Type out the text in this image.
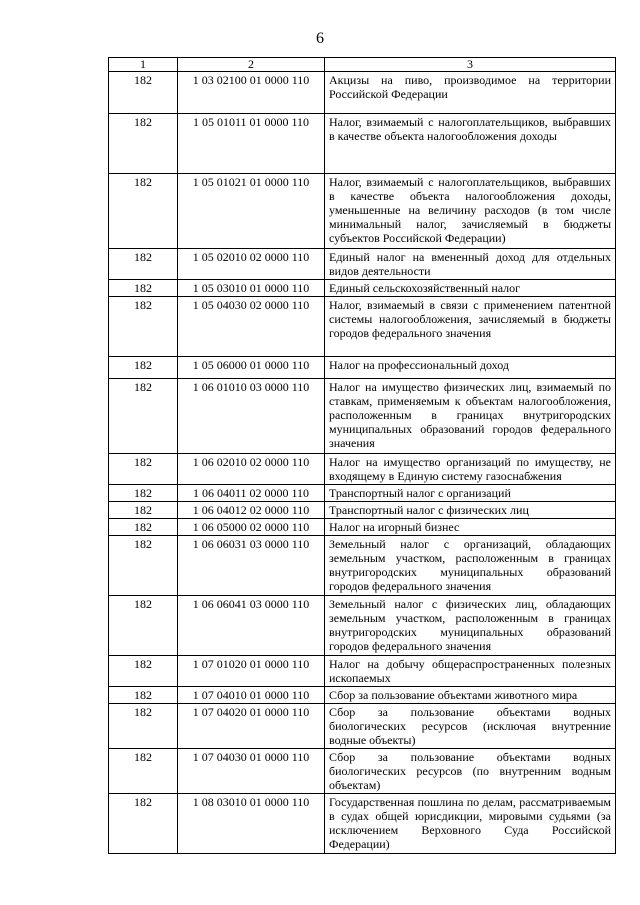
6
1	2	3
182	1 03 02100 01 0000 110	Акцизы на пиво, производимое на территории Российской Федерации
182	1 05 01011 01 0000 110	Налог, взимаемый с налогоплательщиков, выбравших в качестве объекта налогообложения доходы
182	1 05 01021 01 0000 110	Налог, взимаемый с налогоплательщиков, выбравших в качестве объекта налогообложения доходы, уменьшенные на величину расходов (в том числе минимальный налог, зачисляемый в бюджеты субъектов Российской Федерации)
182	1 05 02010 02 0000 110	Единый налог на вмененный доход для отдельных видов деятельности
182	1 05 03010 01 0000 110	Единый сельскохозяйственный налог
182	1 05 04030 02 0000 110	Налог, взимаемый в связи с применением патентной системы налогообложения, зачисляемый в бюджеты городов федерального значения
182	1 05 06000 01 0000 110	Налог на профессиональный доход
182	1 06 01010 03 0000 110	Налог на имущество физических лиц, взимаемый по ставкам, применяемым к объектам налогообложения, расположенным в границах внутригородских муниципальных образований городов федерального значения
182	1 06 02010 02 0000 110	Налог на имущество организаций по имуществу, не входящему в Единую систему газоснабжения
182	1 06 04011 02 0000 110	Транспортный налог с организаций
182	1 06 04012 02 0000 110	Транспортный налог с физических лиц
182	1 06 05000 02 0000 110	Налог на игорный бизнес
182	1 06 06031 03 0000 110	Земельный налог с организаций, обладающих земельным участком, расположенным в границах внутригородских муниципальных образований городов федерального значения
182	1 06 06041 03 0000 110	Земельный налог с физических лиц, обладающих земельным участком, расположенным в границах внутригородских муниципальных образований городов федерального значения
182	1 07 01020 01 0000 110	Налог на добычу общераспространенных полезных ископаемых
182	1 07 04010 01 0000 110	Сбор за пользование объектами животного мира
182	1 07 04020 01 0000 110	Сбор за пользование объектами водных биологических ресурсов (исключая внутренние водные объекты)
182	1 07 04030 01 0000 110	Сбор за пользование объектами водных биологических ресурсов (по внутренним водным объектам)
182	1 08 03010 01 0000 110	Государственная пошлина по делам, рассматриваемым в судах общей юрисдикции, мировыми судьями (за исключением Верховного Суда Российской Федерации)
